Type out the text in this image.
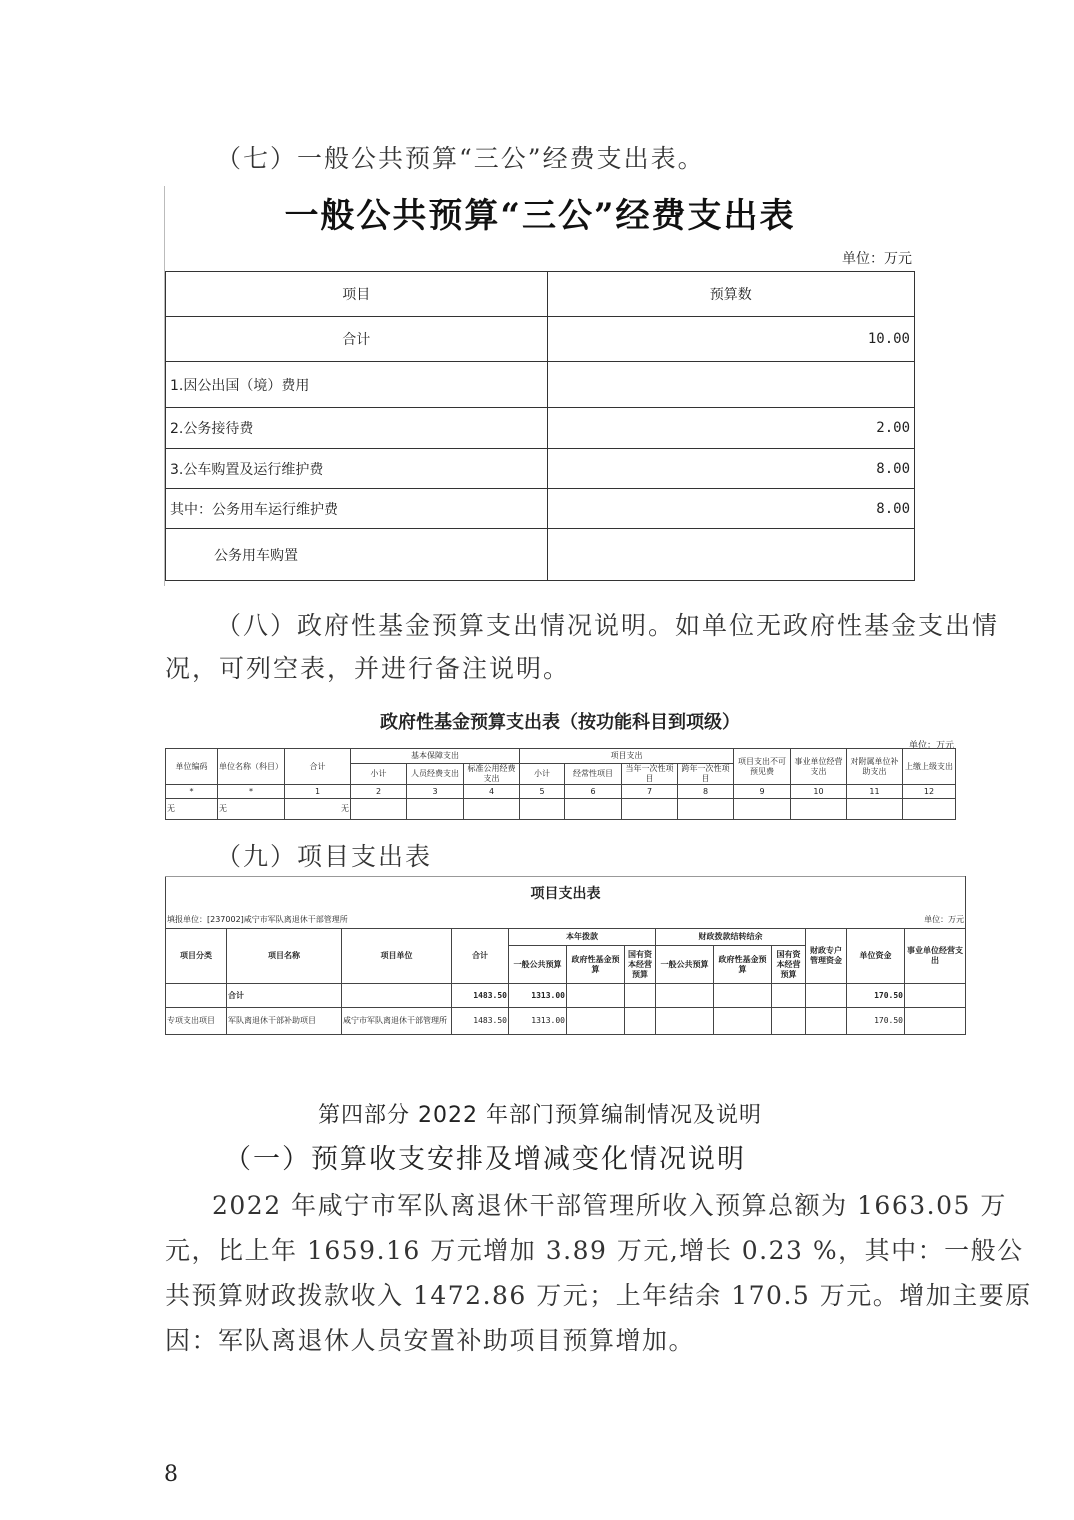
（七）一般公共预算“三公”经费支出表。
一般公共预算“三公”经费支出表
单位：万元
项目	预算数
合计	10.00
1.因公出国（境）费用	
2.公务接待费	2.00
3.公车购置及运行维护费	8.00
其中：公务用车运行维护费	8.00
公务用车购置	
（八）政府性基金预算支出情况说明。如单位无政府性基金支出情
况，可列空表，并进行备注说明。
政府性基金预算支出表（按功能科目到项级）
单位：万元
单位编码	单位名称（科目）	合计	基本保障支出			项目支出				项目支出不可预见费	事业单位经营支出	对附属单位补助支出	上缴上级支出
			小计	人员经费支出	标准公用经费支出	小计	经常性项目	当年一次性项目	跨年一次性项目				
*	*	1	2	3	4	5	6	7	8	9	10	11	12
无	无	无											
（九）项目支出表
项目支出表												
填报单位：[237002]咸宁市军队离退休干部管理所										单位：万元		
项目分类	项目名称	项目单位	合计	本年拨款			财政拨款结转结余			财政专户管理资金	单位资金	事业单位经营支出
				一般公共预算	政府性基金预算	国有资本经营预算	一般公共预算	政府性基金预算	国有资本经营预算			
	合计		1483.50	1313.00							170.50	
专项支出项目	军队离退休干部补助项目	咸宁市军队离退休干部管理所	1483.50	1313.00							170.50	
第四部分 2022 年部门预算编制情况及说明
（一）预算收支安排及增减变化情况说明
2022 年咸宁市军队离退休干部管理所收入预算总额为 1663.05 万
元，比上年 1659.16 万元增加 3.89 万元,增长 0.23 %，其中：一般公
共预算财政拨款收入 1472.86 万元；上年结余 170.5 万元。增加主要原
因：军队离退休人员安置补助项目预算增加。
8
